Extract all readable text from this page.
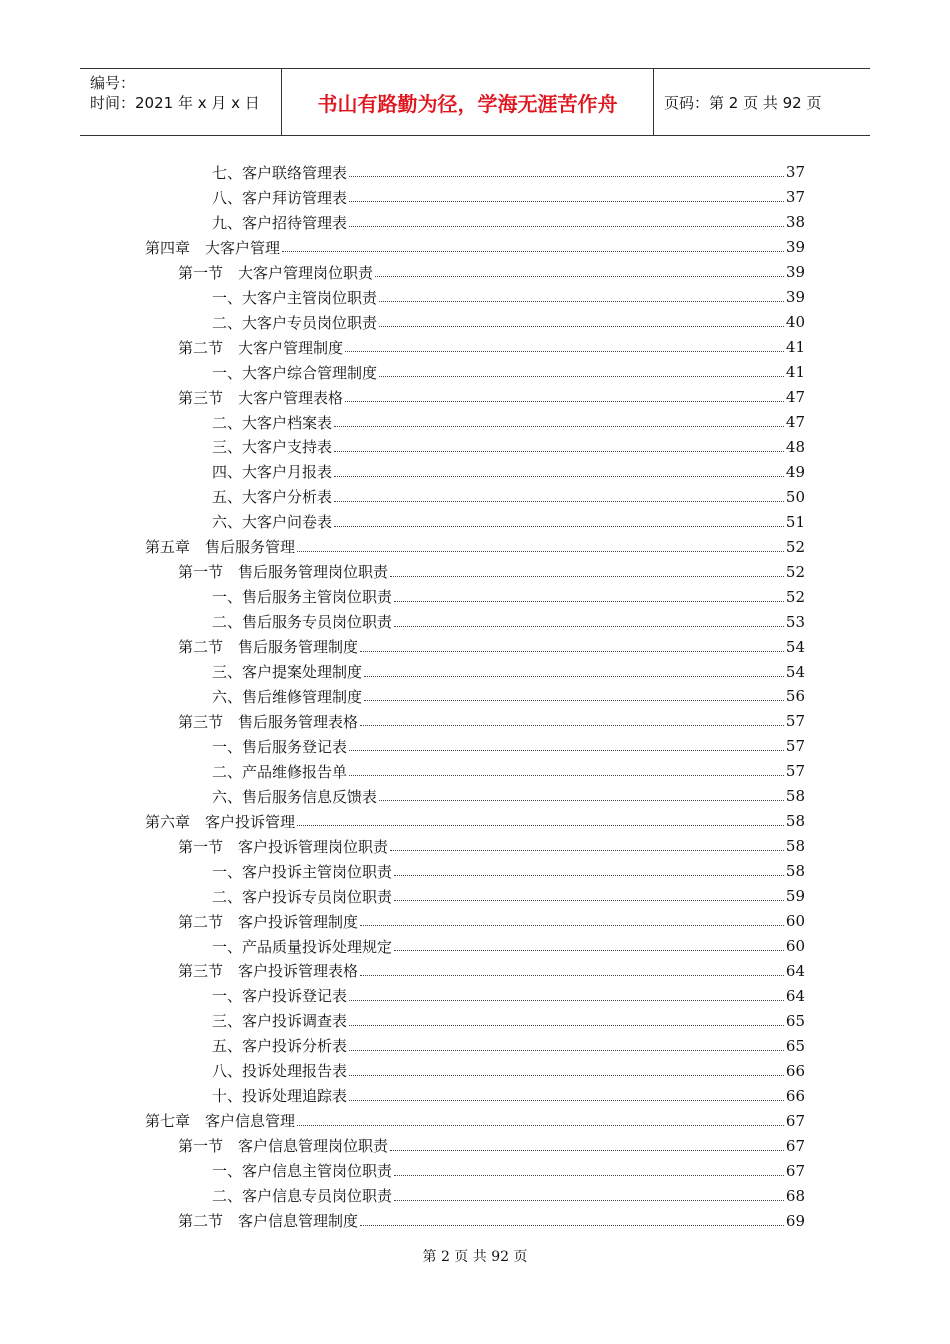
编号：
时间：2021 年 x 月 x 日	书山有路勤为径，学海无涯苦作舟	页码：第 2 页 共 92 页
七、客户联络管理表	37
八、客户拜访管理表	37
九、客户招待管理表	38
第四章　大客户管理	39
第一节　大客户管理岗位职责	39
一、大客户主管岗位职责	39
二、大客户专员岗位职责	40
第二节　大客户管理制度	41
一、大客户综合管理制度	41
第三节　大客户管理表格	47
二、大客户档案表	47
三、大客户支持表	48
四、大客户月报表	49
五、大客户分析表	50
六、大客户问卷表	51
第五章　售后服务管理	52
第一节　售后服务管理岗位职责	52
一、售后服务主管岗位职责	52
二、售后服务专员岗位职责	53
第二节　售后服务管理制度	54
三、客户提案处理制度	54
六、售后维修管理制度	56
第三节　售后服务管理表格	57
一、售后服务登记表	57
二、产品维修报告单	57
六、售后服务信息反馈表	58
第六章　客户投诉管理	58
第一节　客户投诉管理岗位职责	58
一、客户投诉主管岗位职责	58
二、客户投诉专员岗位职责	59
第二节　客户投诉管理制度	60
一、产品质量投诉处理规定	60
第三节　客户投诉管理表格	64
一、客户投诉登记表	64
三、客户投诉调查表	65
五、客户投诉分析表	65
八、投诉处理报告表	66
十、投诉处理追踪表	66
第七章　客户信息管理	67
第一节　客户信息管理岗位职责	67
一、客户信息主管岗位职责	67
二、客户信息专员岗位职责	68
第二节　客户信息管理制度	69
第 2 页 共 92 页
